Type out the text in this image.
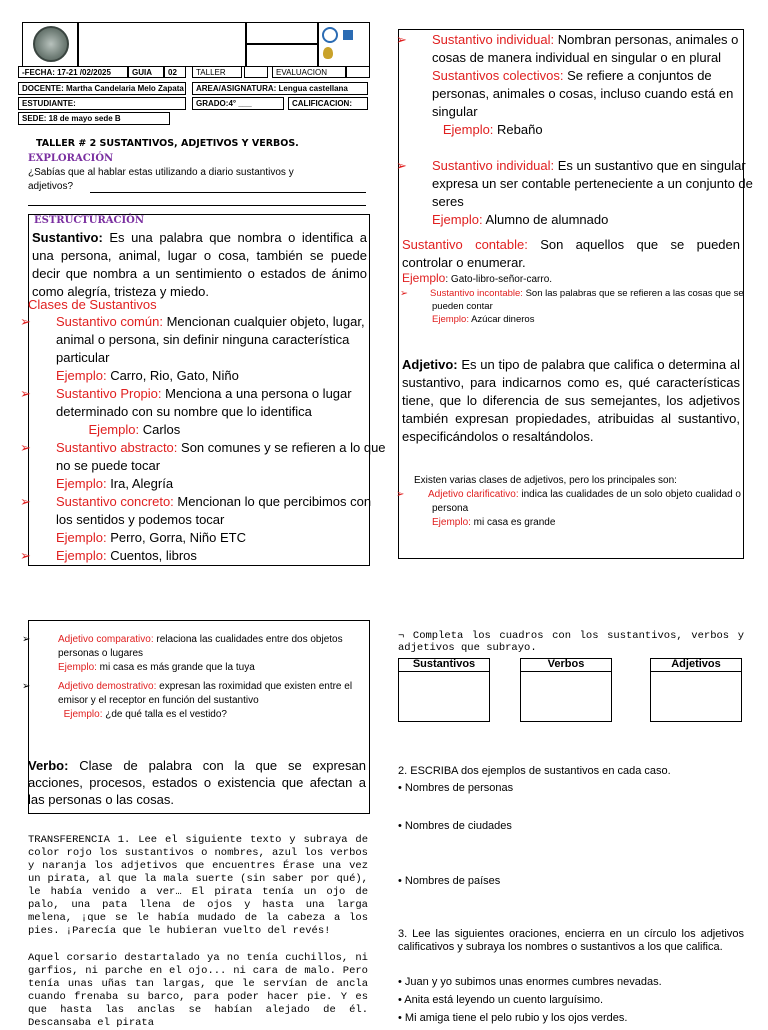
-FECHA: 17-21 /02/2025	GUIA	02	TALLER	EVALUACION
DOCENTE: Martha Candelaria Melo Zapata	AREA/ASIGNATURA: Lengua castellana
ESTUDIANTE:	GRADO:4° ___	CALIFICACION:
SEDE: 18 de mayo sede B
TALLER # 2 SUSTANTIVOS, ADJETIVOS Y VERBOS.
EXPLORACIÓN
¿Sabías que al hablar estas utilizando a diario sustantivos y
adjetivos?
ESTRUCTURACIÒN
Sustantivo: Es una palabra que nombra o identifica a una persona, animal, lugar o cosa, también se puede decir que nombra a un sentimiento o estados de ánimo como alegría, tristeza y miedo.
Clases de Sustantivos
➢ Sustantivo común: Mencionan cualquier objeto, lugar, animal o persona, sin definir ninguna característica particular
Ejemplo: Carro, Rio, Gato, Niño
➢ Sustantivo Propio: Menciona a una persona o lugar determinado con su nombre que lo identifica          Ejemplo: Carlos
➢ Sustantivo abstracto: Son comunes y se refieren a lo que no se puede tocar
Ejemplo: Ira, Alegría
➢ Sustantivo concreto: Mencionan lo que percibimos con los sentidos y podemos tocar
Ejemplo: Perro, Gorra, Niño ETC
➢ Ejemplo: Cuentos, libros
➢ Sustantivo individual: Nombran personas, animales o cosas de manera individual en singular o en plural
Sustantivos colectivos: Se refiere a conjuntos de personas, animales o cosas, incluso cuando está en singular
Ejemplo: Rebaño
➢ Sustantivo individual: Es un sustantivo que en singular expresa un ser contable perteneciente a un conjunto de seres
Ejemplo: Alumno de alumnado
Sustantivo contable: Son aquellos que se pueden controlar o enumerar.
Ejemplo: Gato-libro-señor-carro.
➢ Sustantivo incontable: Son las palabras que se refieren a las cosas que se pueden contar
Ejemplo: Azúcar dineros
Adjetivo: Es un tipo de palabra que califica o determina al sustantivo, para indicarnos como es, qué características tiene, que lo diferencia de sus semejantes, los adjetivos también expresan propiedades, atribuidas al sustantivo, especificándolos o resaltándolos.
Existen varias clases de adjetivos, pero los principales son:
➢ Adjetivo clarificativo: indica las cualidades de un solo objeto cualidad o persona
Ejemplo: mi casa es grande
➢	Adjetivo comparativo: relaciona las cualidades entre dos objetos personas o lugares
Ejemplo: mi casa es más grande que la tuya
➢	Adjetivo demostrativo: expresan las roximidad que existen entre el emisor y el receptor en función del sustantivo
Ejemplo: ¿de qué talla es el vestido?
Verbo: Clase de palabra con la que se expresan acciones, procesos, estados o existencia que afectan a las personas o las cosas.
TRANSFERENCIA 1. Lee el siguiente texto y subraya de color rojo los sustantivos o nombres, azul los verbos y naranja los adjetivos que encuentres Érase una vez un pirata, al que la mala suerte (sin saber por qué), le había venido a ver… El pirata tenía un ojo de palo, una pata llena de ojos y hasta una larga melena, ¡que se le había mudado de la cabeza a los pies. ¡Parecía que le hubieran vuelto del revés!
Aquel corsario destartalado ya no tenía cuchillos, ni garfios, ni parche en el ojo... ni cara de malo. Pero tenía unas uñas tan largas, que le servían de ancla cuando frenaba su barco, para poder hacer pie. Y es que hasta las anclas se habían alejado de él. Descansaba el pirata
¬ Completa los cuadros con los sustantivos, verbos y adjetivos que subrayo.
Sustantivos	Verbos	Adjetivos
2. ESCRIBA dos ejemplos de sustantivos en cada caso.
• Nombres de personas
• Nombres de ciudades
• Nombres de países
3. Lee las siguientes oraciones, encierra en un círculo los adjetivos calificativos y subraya los nombres o sustantivos a los que califica.
• Juan y yo subimos unas enormes cumbres nevadas.
• Anita está leyendo un cuento larguísimo.
• Mi amiga tiene el pelo rubio y los ojos verdes.
